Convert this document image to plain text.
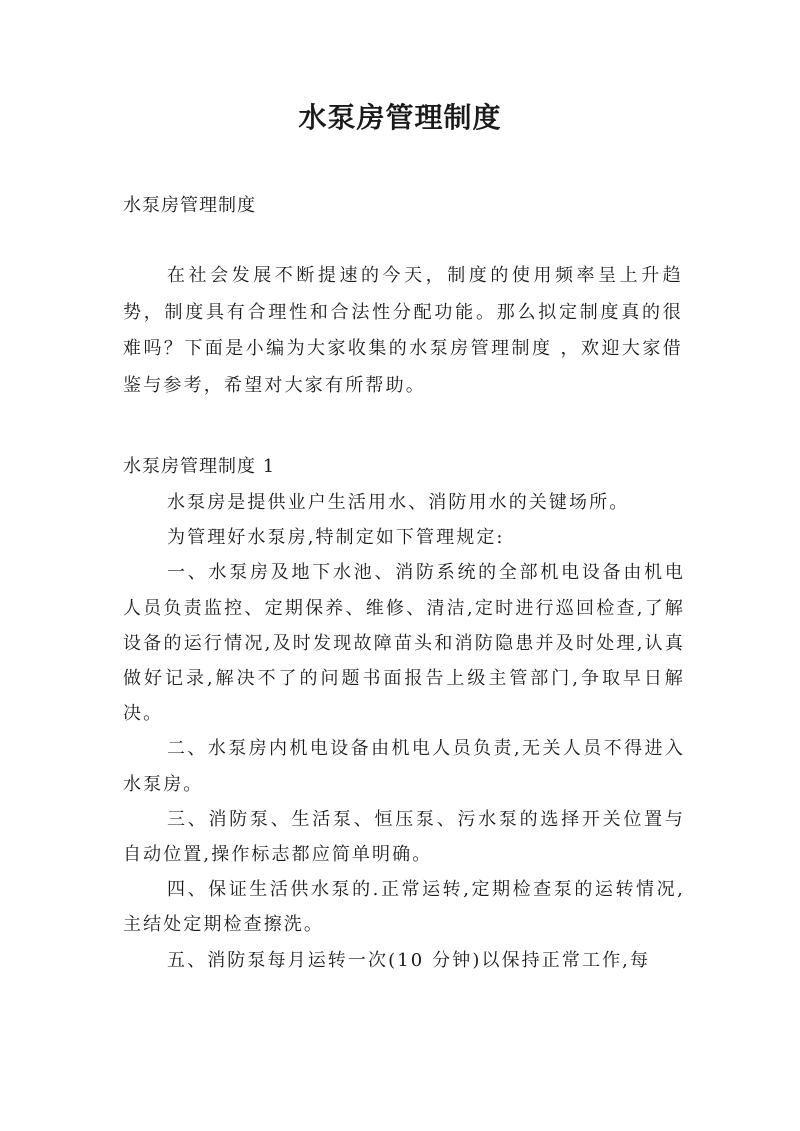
水泵房管理制度
水泵房管理制度

在社会发展不断提速的今天，制度的使用频率呈上升趋势，制度具有合理性和合法性分配功能。那么拟定制度真的很难吗？下面是小编为大家收集的水泵房管理制度 ，欢迎大家借鉴与参考，希望对大家有所帮助。

水泵房管理制度 1

水泵房是提供业户生活用水、消防用水的关键场所。

为管理好水泵房,特制定如下管理规定:

一、水泵房及地下水池、消防系统的全部机电设备由机电人员负责监控、定期保养、维修、清洁,定时进行巡回检查,了解设备的运行情况,及时发现故障苗头和消防隐患并及时处理,认真做好记录,解决不了的问题书面报告上级主管部门,争取早日解决。

二、水泵房内机电设备由机电人员负责,无关人员不得进入水泵房。

三、消防泵、生活泵、恒压泵、污水泵的选择开关位置与自动位置,操作标志都应简单明确。

四、保证生活供水泵的.正常运转,定期检查泵的运转情况,主结处定期检查擦洗。

五、消防泵每月运转一次(10 分钟)以保持正常工作,每
